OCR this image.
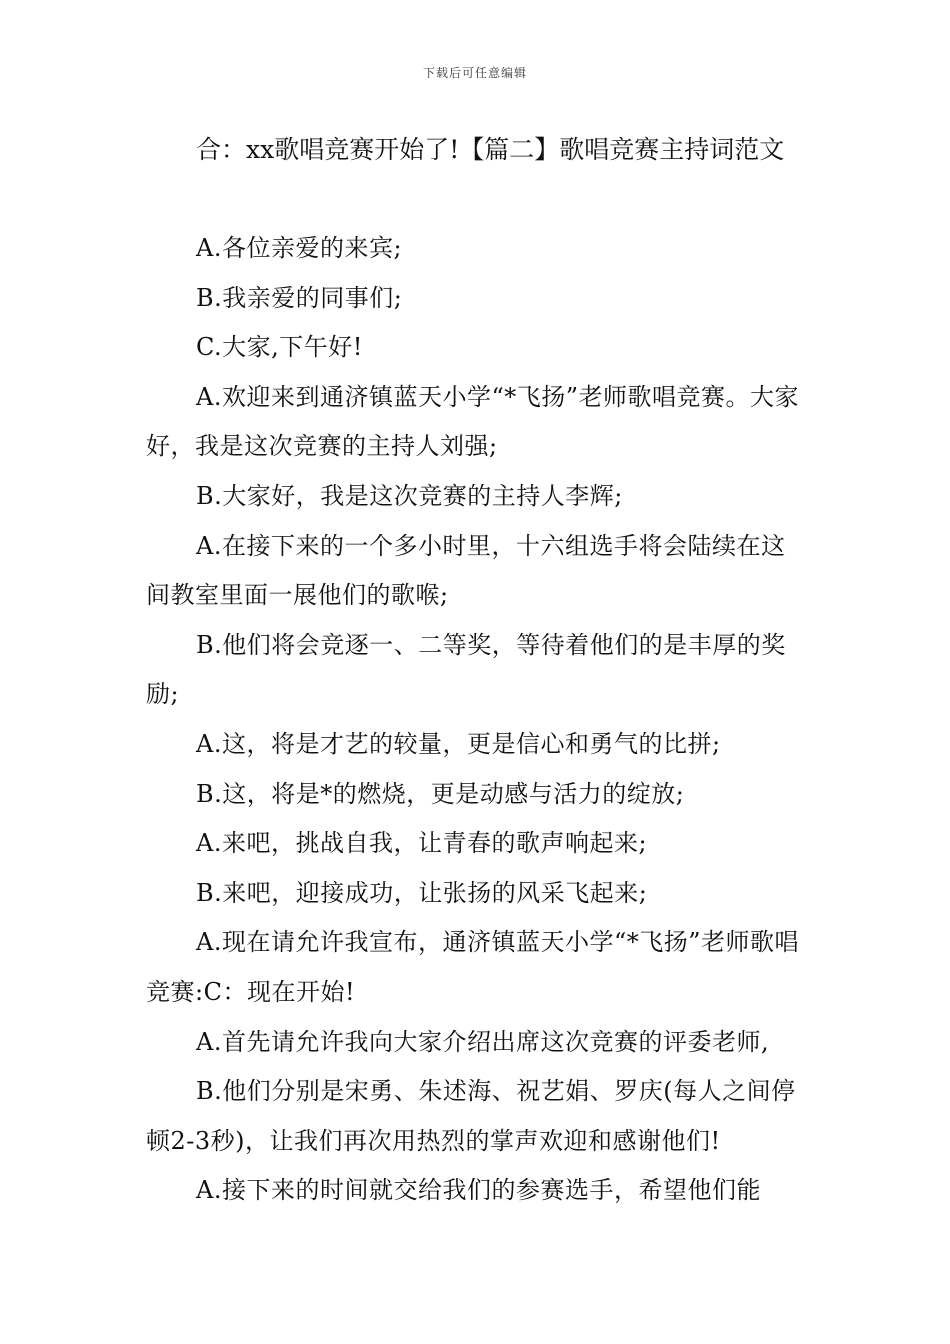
下载后可任意编辑
合：xx歌唱竞赛开始了!【篇二】歌唱竞赛主持词范文

A.各位亲爱的来宾;

B.我亲爱的同事们;

C.大家,下午好!

A.欢迎来到通济镇蓝天小学“*飞扬”老师歌唱竞赛。大家好，我是这次竞赛的主持人刘强;

B.大家好，我是这次竞赛的主持人李辉;

A.在接下来的一个多小时里，十六组选手将会陆续在这间教室里面一展他们的歌喉;

B.他们将会竞逐一、二等奖，等待着他们的是丰厚的奖励;

A.这，将是才艺的较量，更是信心和勇气的比拼;

B.这，将是*的燃烧，更是动感与活力的绽放;

A.来吧，挑战自我，让青春的歌声响起来;

B.来吧，迎接成功，让张扬的风采飞起来;

A.现在请允许我宣布，通济镇蓝天小学“*飞扬”老师歌唱竞赛:C：现在开始!

A.首先请允许我向大家介绍出席这次竞赛的评委老师,

B.他们分别是宋勇、朱述海、祝艺娟、罗庆(每人之间停顿2-3秒)，让我们再次用热烈的掌声欢迎和感谢他们!

A.接下来的时间就交给我们的参赛选手，希望他们能
